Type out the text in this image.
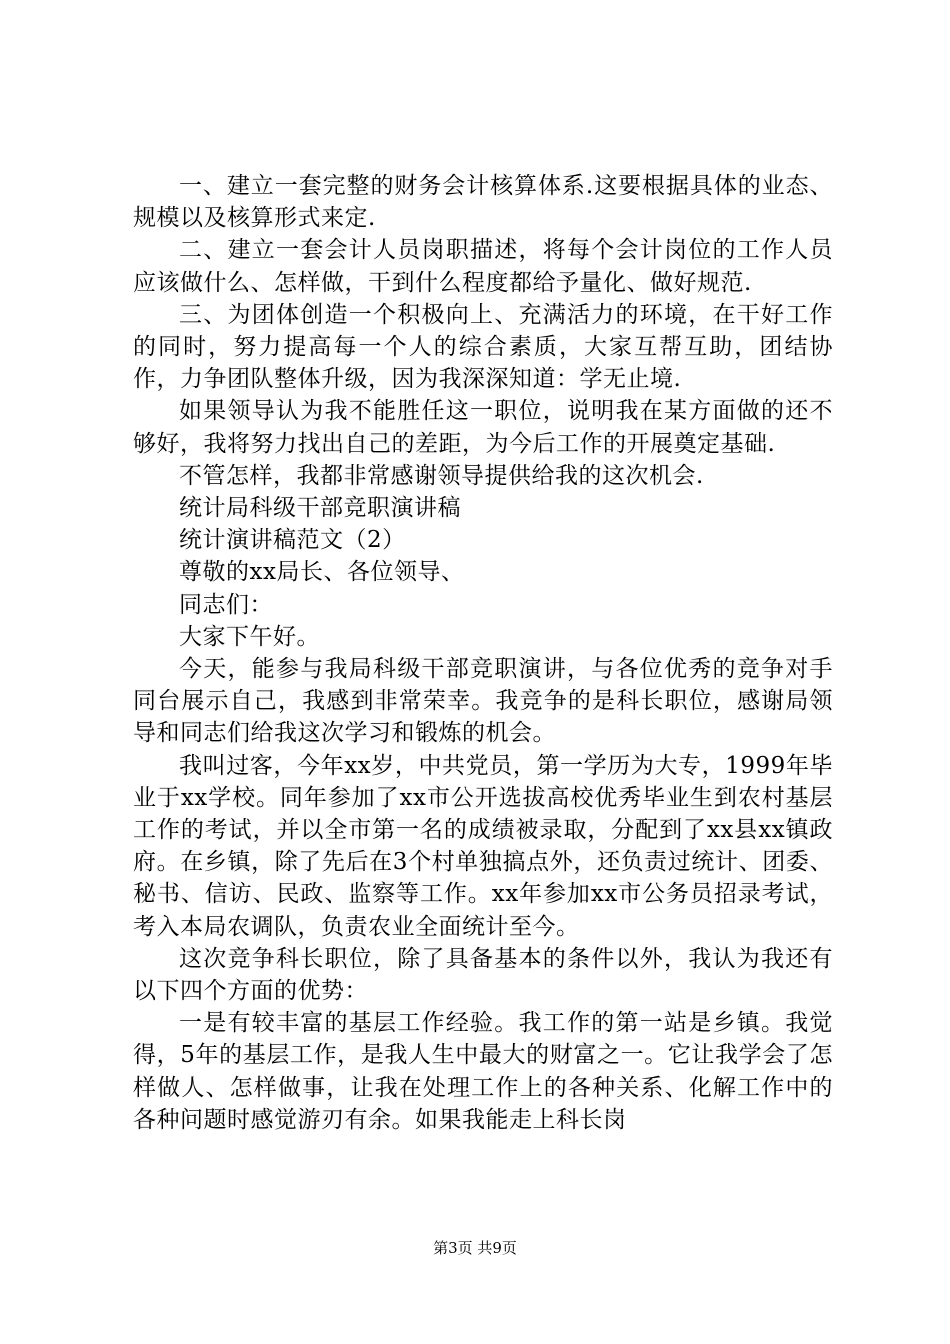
一、建立一套完整的财务会计核算体系.这要根据具体的业态、规模以及核算形式来定.

二、建立一套会计人员岗职描述，将每个会计岗位的工作人员应该做什么、怎样做，干到什么程度都给予量化、做好规范.

三、为团体创造一个积极向上、充满活力的环境，在干好工作的同时，努力提高每一个人的综合素质，大家互帮互助，团结协作，力争团队整体升级，因为我深深知道：学无止境.

如果领导认为我不能胜任这一职位，说明我在某方面做的还不够好，我将努力找出自己的差距，为今后工作的开展奠定基础.

不管怎样，我都非常感谢领导提供给我的这次机会.

统计局科级干部竞职演讲稿

统计演讲稿范文（2）

尊敬的xx局长、各位领导、

同志们：

大家下午好。

今天，能参与我局科级干部竞职演讲，与各位优秀的竞争对手同台展示自己，我感到非常荣幸。我竞争的是科长职位，感谢局领导和同志们给我这次学习和锻炼的机会。

我叫过客，今年xx岁，中共党员，第一学历为大专，1999年毕业于xx学校。同年参加了xx市公开选拔高校优秀毕业生到农村基层工作的考试，并以全市第一名的成绩被录取，分配到了xx县xx镇政府。在乡镇，除了先后在3个村单独搞点外，还负责过统计、团委、秘书、信访、民政、监察等工作。xx年参加xx市公务员招录考试，考入本局农调队，负责农业全面统计至今。

这次竞争科长职位，除了具备基本的条件以外，我认为我还有以下四个方面的优势：

一是有较丰富的基层工作经验。我工作的第一站是乡镇。我觉得，5年的基层工作，是我人生中最大的财富之一。它让我学会了怎样做人、怎样做事，让我在处理工作上的各种关系、化解工作中的各种问题时感觉游刃有余。如果我能走上科长岗

第3页 共9页
